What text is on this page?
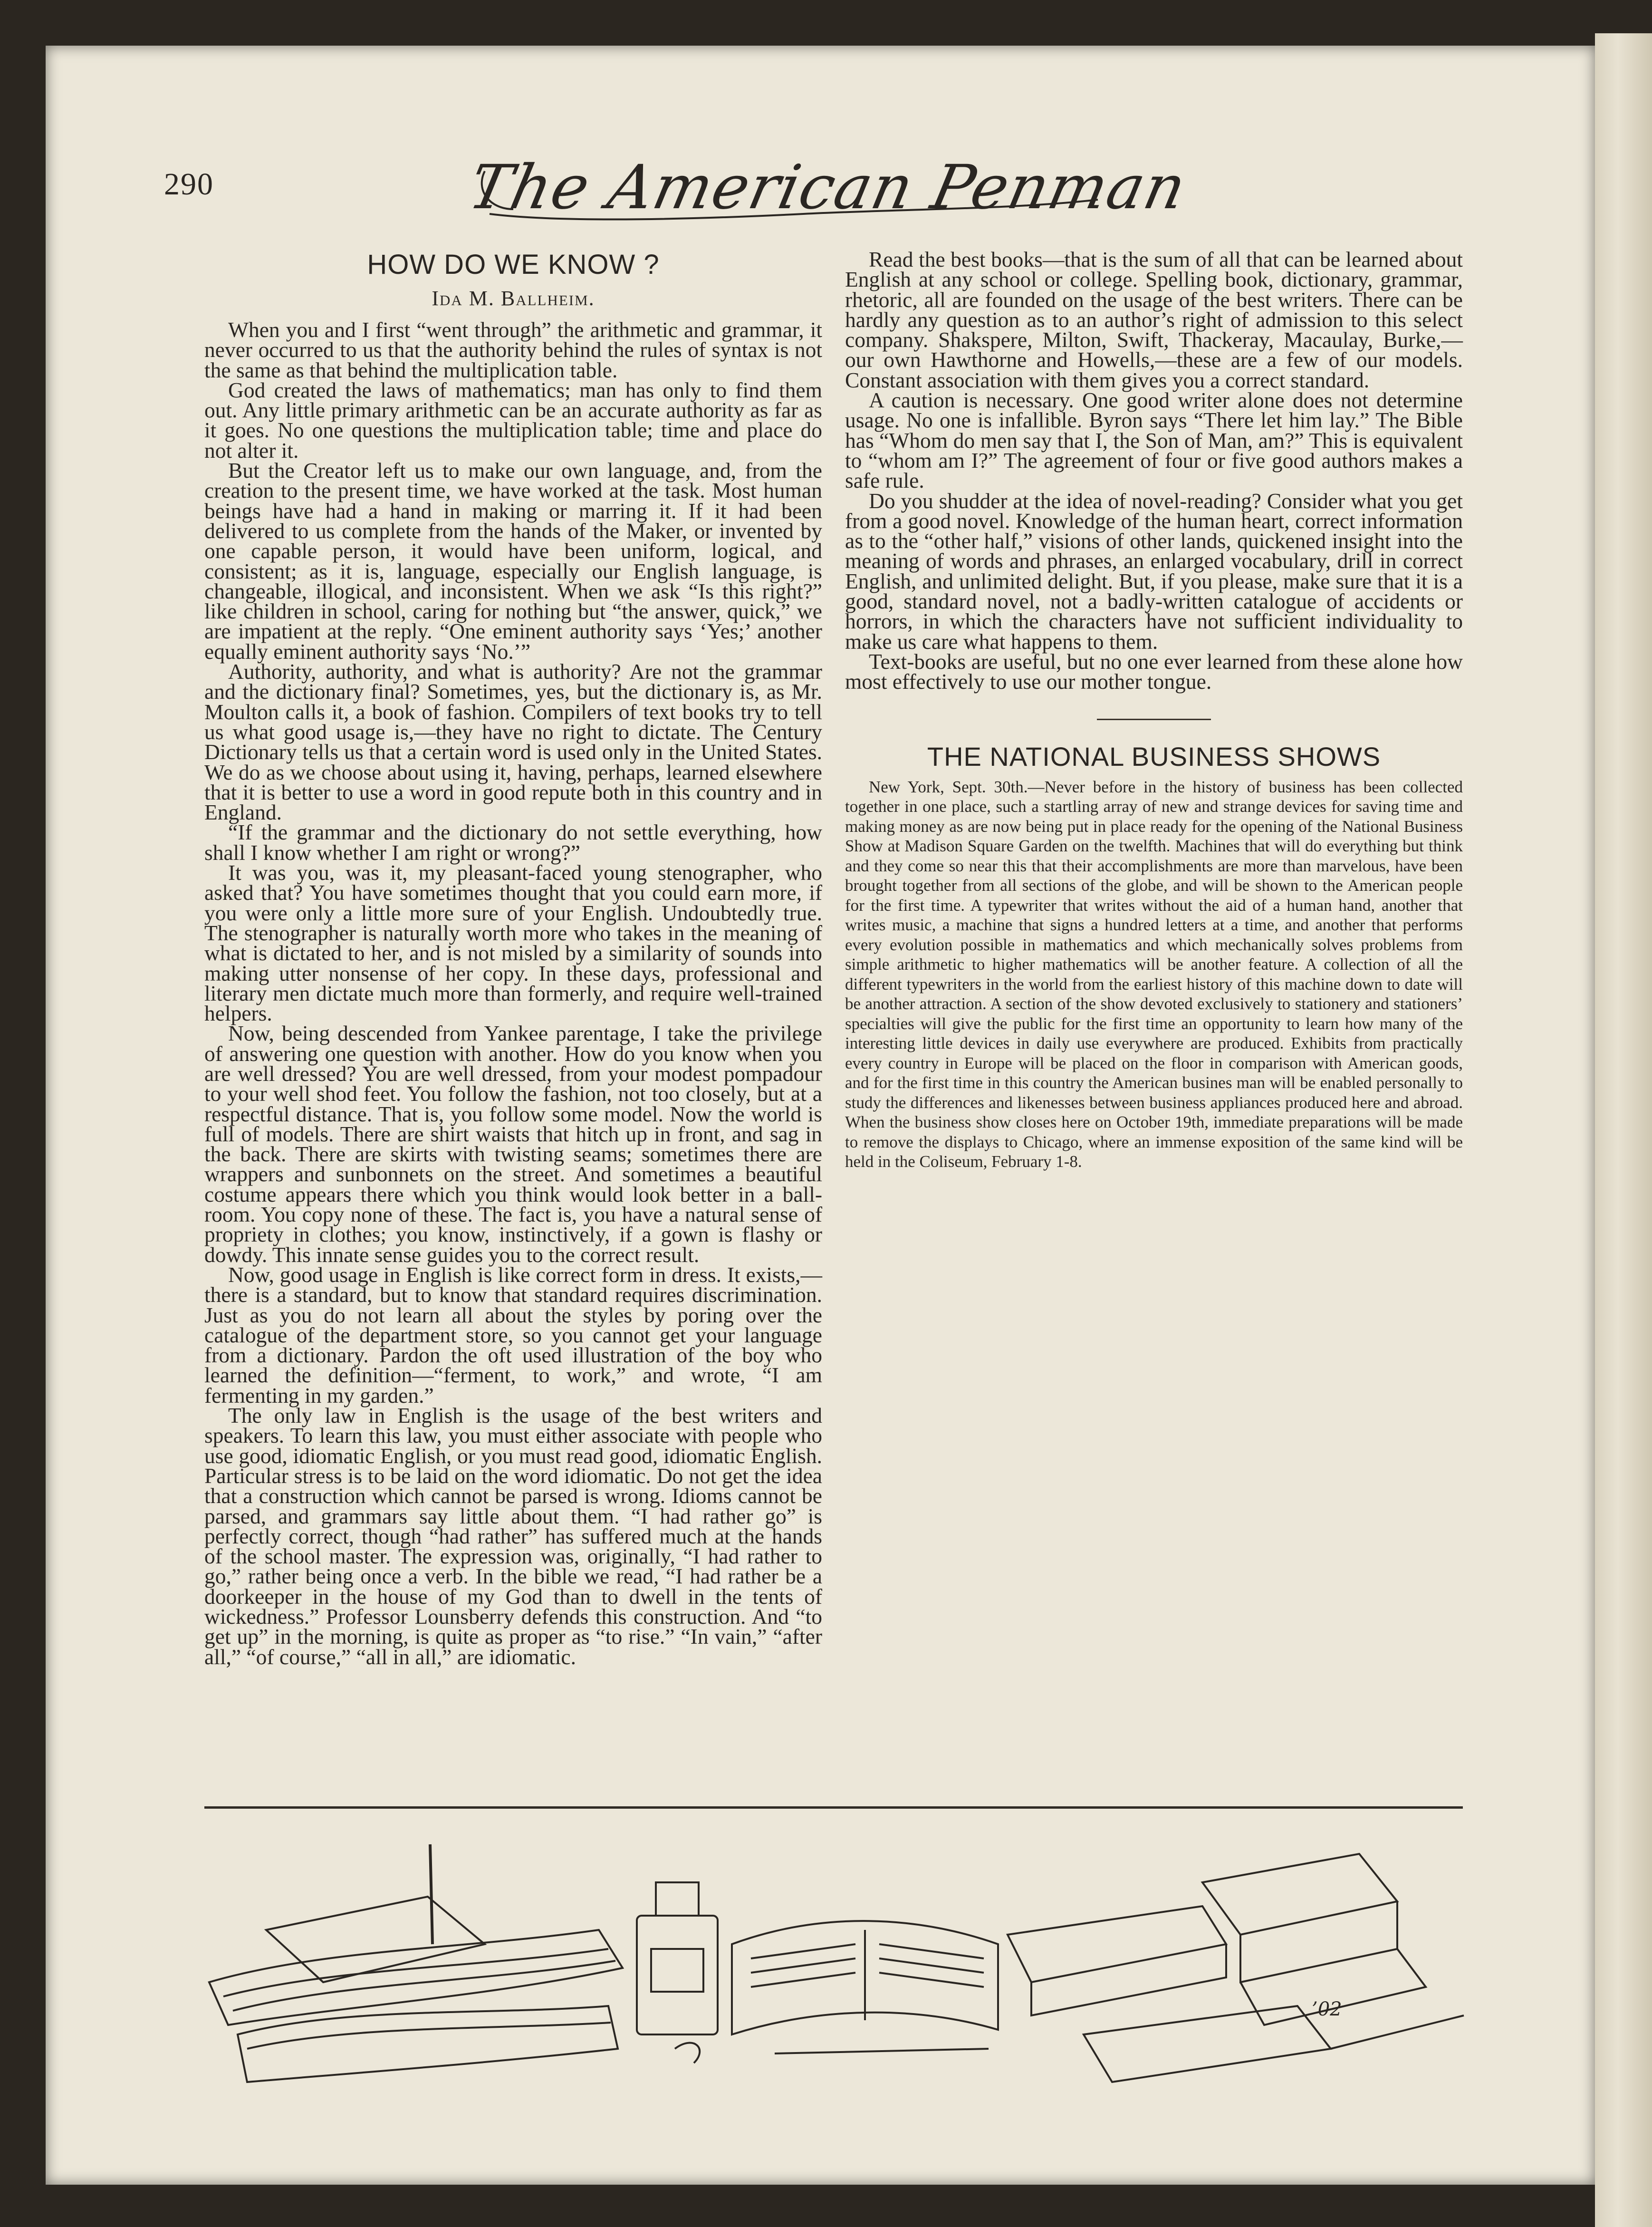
290	The American Penman
HOW DO WE KNOW ?
Ida M. Ballheim.

When you and I first “went through” the arithmetic and grammar, it never occurred to us that the authority behind the rules of syntax is not the same as that behind the multiplication table.

God created the laws of mathematics; man has only to find them out. Any little primary arithmetic can be an accurate authority as far as it goes. No one questions the multiplication table; time and place do not alter it.

But the Creator left us to make our own language, and, from the creation to the present time, we have worked at the task. Most human beings have had a hand in making or marring it. If it had been delivered to us complete from the hands of the Maker, or invented by one capable person, it would have been uniform, logical, and consistent; as it is, language, especially our English language, is changeable, illogical, and inconsistent. When we ask “Is this right?” like children in school, caring for nothing but “the answer, quick,” we are impatient at the reply. “One eminent authority says ‘Yes;’ another equally eminent authority says ‘No.’”

Authority, authority, and what is authority? Are not the grammar and the dictionary final? Sometimes, yes, but the dictionary is, as Mr. Moulton calls it, a book of fashion. Compilers of text books try to tell us what good usage is,—they have no right to dictate. The Century Dictionary tells us that a certain word is used only in the United States. We do as we choose about using it, having, perhaps, learned elsewhere that it is better to use a word in good repute both in this country and in England.

“If the grammar and the dictionary do not settle everything, how shall I know whether I am right or wrong?”

It was you, was it, my pleasant-faced young stenographer, who asked that? You have sometimes thought that you could earn more, if you were only a little more sure of your English. Undoubtedly true. The stenographer is naturally worth more who takes in the meaning of what is dictated to her, and is not misled by a similarity of sounds into making utter nonsense of her copy. In these days, professional and literary men dictate much more than formerly, and require well-trained helpers.

Now, being descended from Yankee parentage, I take the privilege of answering one question with another. How do you know when you are well dressed? You are well dressed, from your modest pompadour to your well shod feet. You follow the fashion, not too closely, but at a respectful distance. That is, you follow some model. Now the world is full of models. There are shirt waists that hitch up in front, and sag in the back. There are skirts with twisting seams; sometimes there are wrappers and sunbonnets on the street. And sometimes a beautiful costume appears there which you think would look better in a ball-room. You copy none of these. The fact is, you have a natural sense of propriety in clothes; you know, instinctively, if a gown is flashy or dowdy. This innate sense guides you to the correct result.

Now, good usage in English is like correct form in dress. It exists,—there is a standard, but to know that standard requires discrimination. Just as you do not learn all about the styles by poring over the catalogue of the department store, so you cannot get your language from a dictionary. Pardon the oft used illustration of the boy who learned the definition—“ferment, to work,” and wrote, “I am fermenting in my garden.”

The only law in English is the usage of the best writers and speakers. To learn this law, you must either associate with people who use good, idiomatic English, or you must read good, idiomatic English. Particular stress is to be laid on the word idiomatic. Do not get the idea that a construction which cannot be parsed is wrong. Idioms cannot be parsed, and grammars say little about them. “I had rather go” is perfectly correct, though “had rather” has suffered much at the hands of the school master. The expression was, originally, “I had rather to go,” rather being once a verb. In the bible we read, “I had rather be a doorkeeper in the house of my God than to dwell in the tents of wickedness.” Professor Lounsberry defends this construction. And “to get up” in the morning, is quite as proper as “to rise.” “In vain,” “after all,” “of course,” “all in all,” are idiomatic.

Read the best books—that is the sum of all that can be learned about English at any school or college. Spelling book, dictionary, grammar, rhetoric, all are founded on the usage of the best writers. There can be hardly any question as to an author’s right of admission to this select company. Shakspere, Milton, Swift, Thackeray, Macaulay, Burke,—our own Hawthorne and Howells,—these are a few of our models. Constant association with them gives you a correct standard.

A caution is necessary. One good writer alone does not determine usage. No one is infallible. Byron says “There let him lay.” The Bible has “Whom do men say that I, the Son of Man, am?” This is equivalent to “whom am I?” The agreement of four or five good authors makes a safe rule.

Do you shudder at the idea of novel-reading? Consider what you get from a good novel. Knowledge of the human heart, correct information as to the “other half,” visions of other lands, quickened insight into the meaning of words and phrases, an enlarged vocabulary, drill in correct English, and unlimited delight. But, if you please, make sure that it is a good, standard novel, not a badly-written catalogue of accidents or horrors, in which the characters have not sufficient individuality to make us care what happens to them.

Text-books are useful, but no one ever learned from these alone how most effectively to use our mother tongue.

THE NATIONAL BUSINESS SHOWS

New York, Sept. 30th.—Never before in the history of business has been collected together in one place, such a startling array of new and strange devices for saving time and making money as are now being put in place ready for the opening of the National Business Show at Madison Square Garden on the twelfth. Machines that will do everything but think and they come so near this that their accomplishments are more than marvelous, have been brought together from all sections of the globe, and will be shown to the American people for the first time. A typewriter that writes without the aid of a human hand, another that writes music, a machine that signs a hundred letters at a time, and another that performs every evolution possible in mathematics and which mechanically solves problems from simple arithmetic to higher mathematics will be another feature. A collection of all the different typewriters in the world from the earliest history of this machine down to date will be another attraction. A section of the show devoted exclusively to stationery and stationers’ specialties will give the public for the first time an opportunity to learn how many of the interesting little devices in daily use everywhere are produced. Exhibits from practically every country in Europe will be placed on the floor in comparison with American goods, and for the first time in this country the American busines man will be enabled personally to study the differences and likenesses between business appliances produced here and abroad. When the business show closes here on October 19th, immediate preparations will be made to remove the displays to Chicago, where an immense exposition of the same kind will be held in the Coliseum, February 1-8.

’02
